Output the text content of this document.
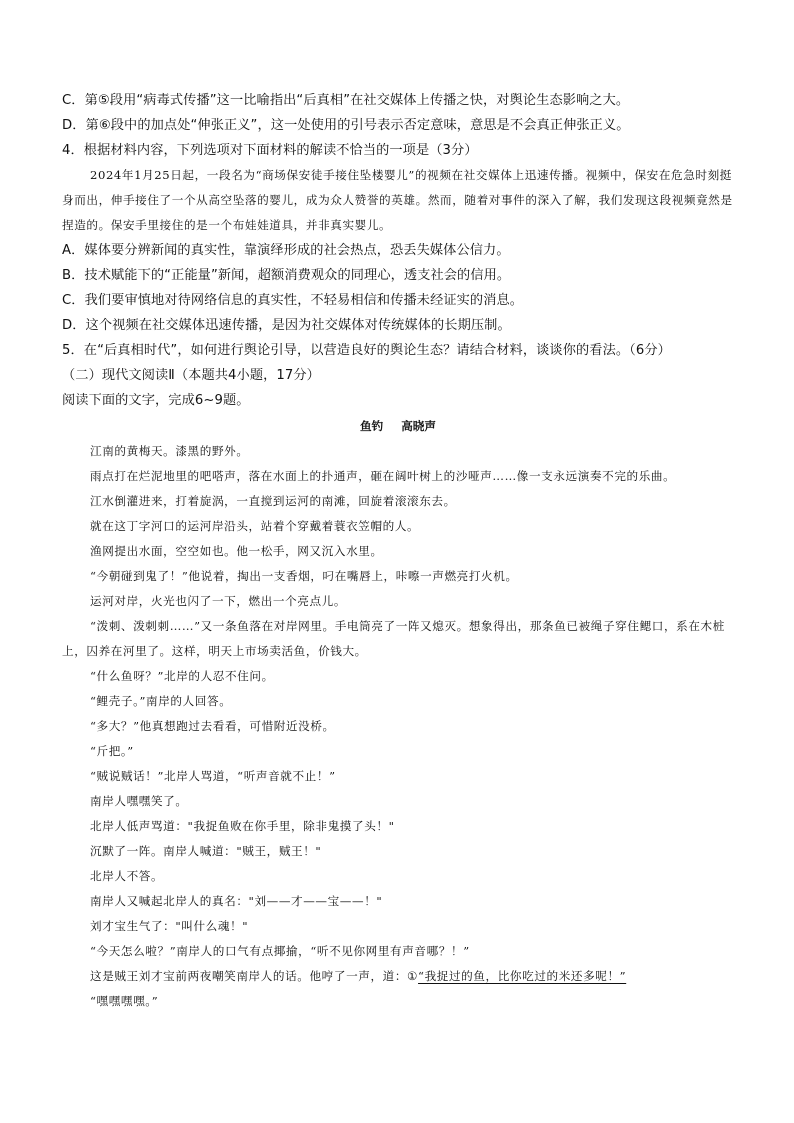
C．第⑤段用“病毒式传播”这一比喻指出“后真相”在社交媒体上传播之快，对舆论生态影响之大。
D．第⑥段中的加点处“伸张正义”，这一处使用的引号表示否定意味，意思是不会真正伸张正义。
4．根据材料内容，下列选项对下面材料的解读不恰当的一项是（3分）
2024年1月25日起，一段名为“商场保安徒手接住坠楼婴儿”的视频在社交媒体上迅速传播。视频中，保安在危急时刻挺身而出，伸手接住了一个从高空坠落的婴儿，成为众人赞誉的英雄。然而，随着对事件的深入了解，我们发现这段视频竟然是捏造的。保安手里接住的是一个布娃娃道具，并非真实婴儿。
A．媒体要分辨新闻的真实性，靠演绎形成的社会热点，恐丢失媒体公信力。
B．技术赋能下的“正能量”新闻，超额消费观众的同理心，透支社会的信用。
C．我们要审慎地对待网络信息的真实性，不轻易相信和传播未经证实的消息。
D．这个视频在社交媒体迅速传播，是因为社交媒体对传统媒体的长期压制。
5．在“后真相时代”，如何进行舆论引导，以营造良好的舆论生态？请结合材料，谈谈你的看法。（6分）
（二）现代文阅读Ⅱ（本题共4小题，17分）
阅读下面的文字，完成6~9题。
鱼钓 高晓声
江南的黄梅天。漆黑的野外。
雨点打在烂泥地里的吧嗒声，落在水面上的扑通声，砸在阔叶树上的沙哑声……像一支永远演奏不完的乐曲。
江水倒灌进来，打着旋涡，一直搅到运河的南滩，回旋着滚滚东去。
就在这丁字河口的运河岸沿头，站着个穿戴着蓑衣笠帽的人。
渔网提出水面，空空如也。他一松手，网又沉入水里。
“今朝碰到鬼了！”他说着，掏出一支香烟，叼在嘴唇上，咔嚓一声燃亮打火机。
运河对岸，火光也闪了一下，燃出一个亮点儿。
“泼刺、泼刺刺……”又一条鱼落在对岸网里。手电筒亮了一阵又熄灭。想象得出，那条鱼已被绳子穿住鳃口，系在木桩上，囚养在河里了。这样，明天上市场卖活鱼，价钱大。
“什么鱼呀？”北岸的人忍不住问。
“鲤壳子。”南岸的人回答。
“多大？”他真想跑过去看看，可惜附近没桥。
“斤把。”
“贼说贼话！”北岸人骂道，“听声音就不止！”
南岸人嘿嘿笑了。
北岸人低声骂道："我捉鱼败在你手里，除非鬼摸了头！"
沉默了一阵。南岸人喊道："贼王，贼王！"
北岸人不答。
南岸人又喊起北岸人的真名："刘——才——宝——！"
刘才宝生气了："叫什么魂！"
“今天怎么啦？”南岸人的口气有点揶揄，“听不见你网里有声音哪？！”
这是贼王刘才宝前两夜嘲笑南岸人的话。他哼了一声，道：①“我捉过的鱼，比你吃过的米还多呢！”
“嘿嘿嘿嘿。”
